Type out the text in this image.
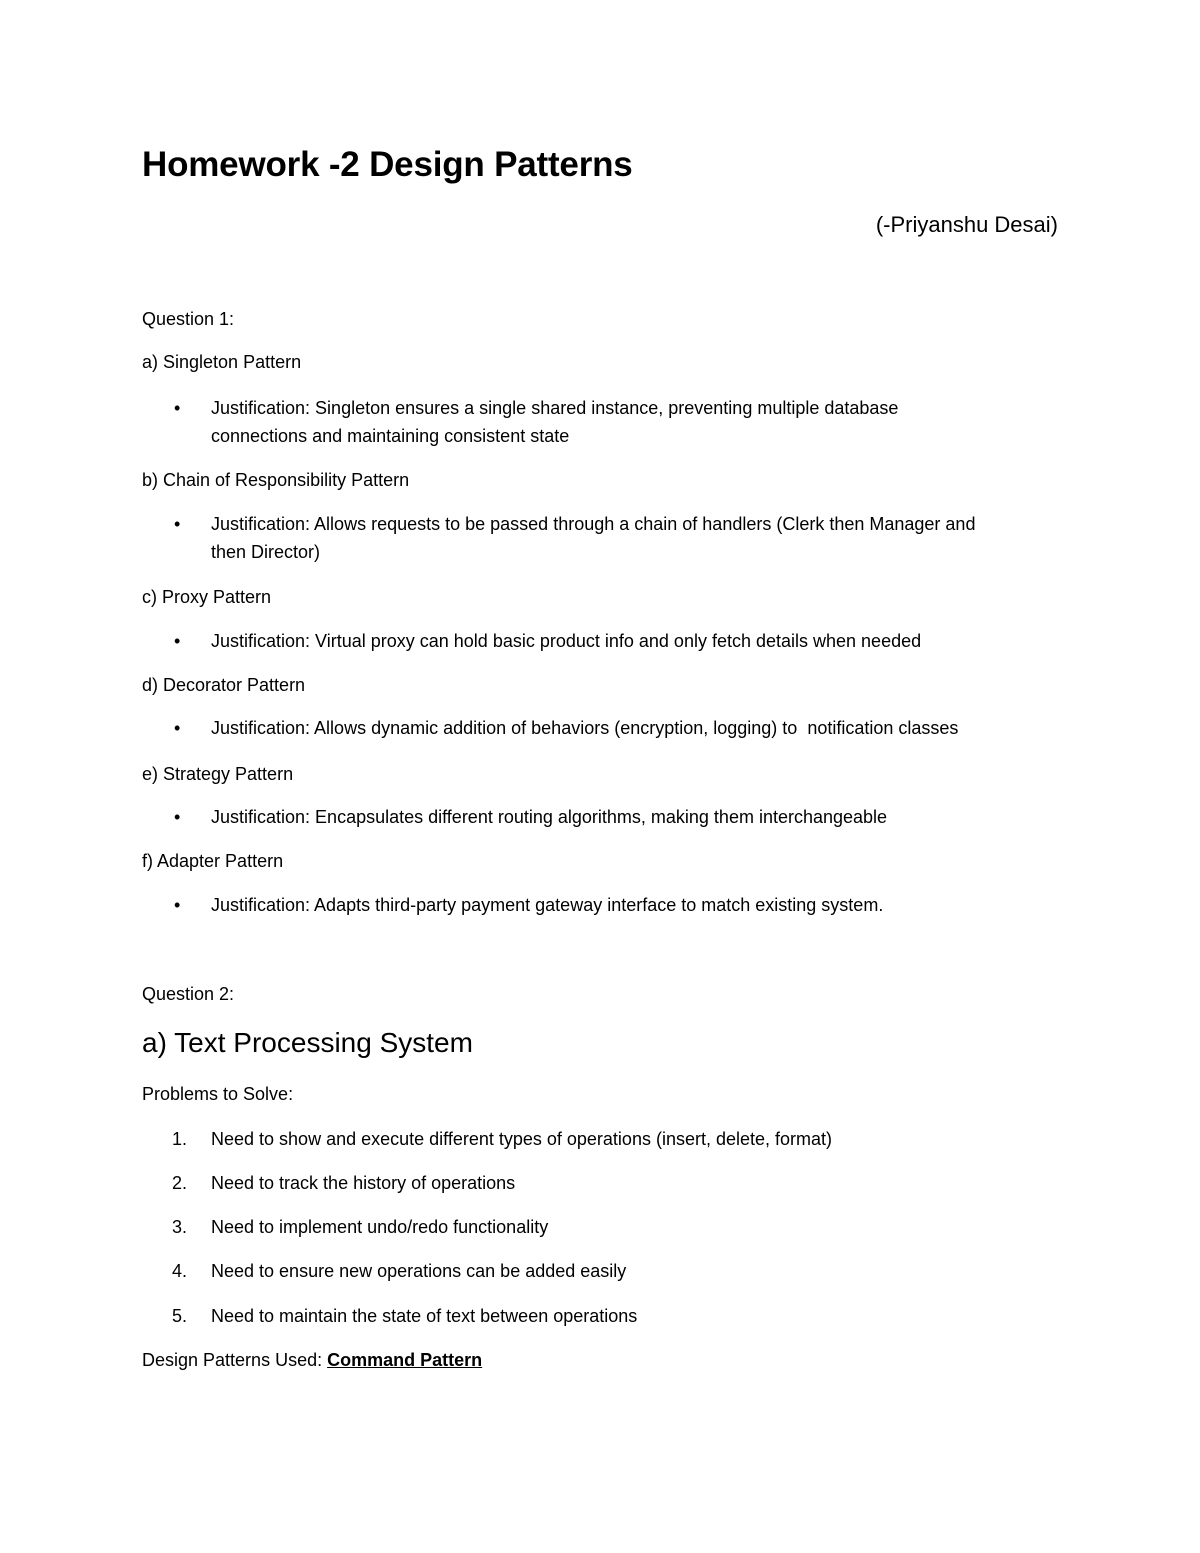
Homework -2 Design Patterns
(-Priyanshu Desai)
Question 1:
a) Singleton Pattern
• Justification: Singleton ensures a single shared instance, preventing multiple database
connections and maintaining consistent state
b) Chain of Responsibility Pattern
• Justification: Allows requests to be passed through a chain of handlers (Clerk then Manager and
then Director)
c) Proxy Pattern
• Justification: Virtual proxy can hold basic product info and only fetch details when needed
d) Decorator Pattern
• Justification: Allows dynamic addition of behaviors (encryption, logging) to  notification classes
e) Strategy Pattern
• Justification: Encapsulates different routing algorithms, making them interchangeable
f) Adapter Pattern
• Justification: Adapts third-party payment gateway interface to match existing system.
Question 2:
a) Text Processing System
Problems to Solve:
1. Need to show and execute different types of operations (insert, delete, format)
2. Need to track the history of operations
3. Need to implement undo/redo functionality
4. Need to ensure new operations can be added easily
5. Need to maintain the state of text between operations
Design Patterns Used: Command Pattern
